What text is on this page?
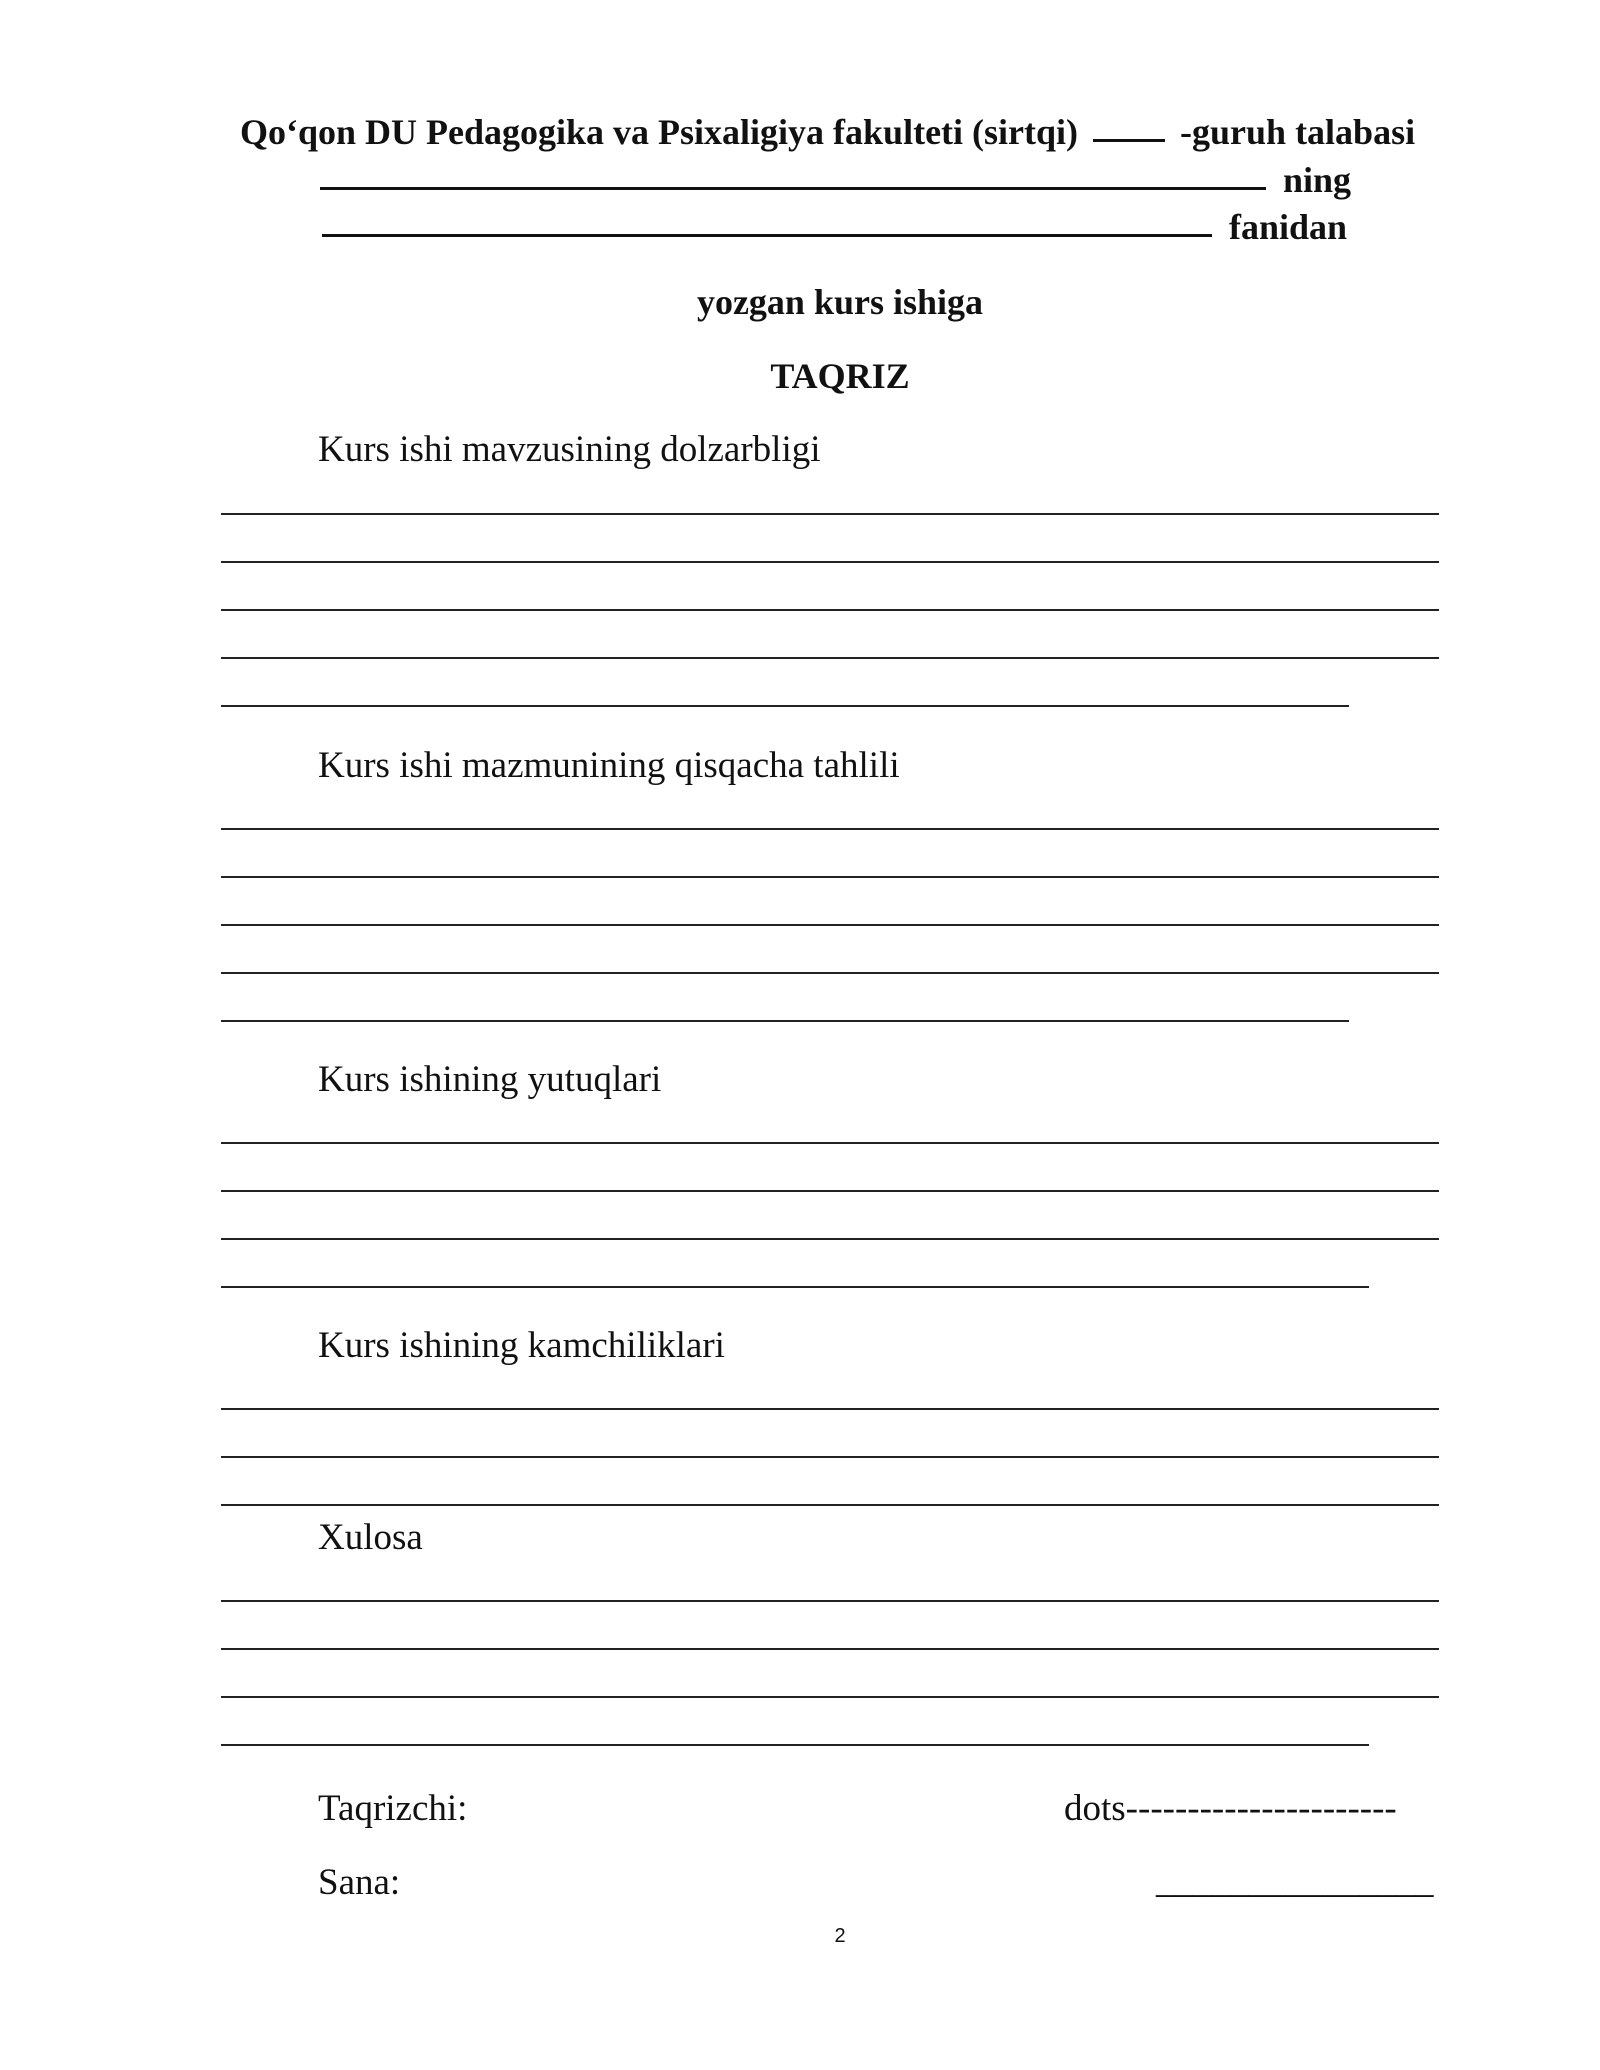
Qo‘qon DU Pedagogika va Psixaligiya fakulteti (sirtqi)	-guruh talabasi
ning
fanidan
yozgan kurs ishiga
TAQRIZ
Kurs ishi mavzusining dolzarbligi
Kurs ishi mazmunining qisqacha tahlili
Kurs ishining yutuqlari
Kurs ishining kamchiliklari
Xulosa
Taqrizchi:	dots----------------------
Sana:	_______________
2
